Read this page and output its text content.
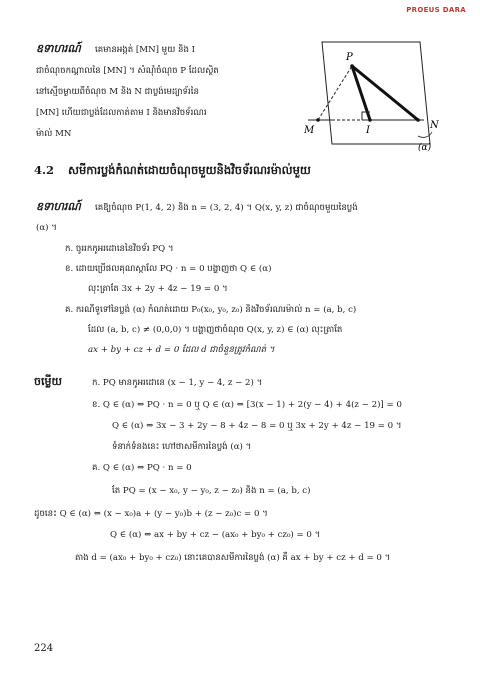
PROEUS DARA
ឧទាហរណ៍ គេមានអង្កត់ [MN] មួយ និង I
ជាចំណុចកណ្ដាលនៃ [MN] ។ សំណុំចំណុច P ដែលស្ថិត
នៅស្មើចម្ងាយពីចំណុច M និង N ជាប្លង់មេដ្យាទ័រនៃ
[MN] ហើយជាប្លង់ដែលកាត់តាម I និងមានវិចទ័រណរ
ម៉ាល់ MN
P
M	I	N
(α)
4.2 សមីការប្លង់កំណត់ដោយចំណុចមួយនិងវិចទ័រណរម៉ាល់មួយ
ឧទាហរណ៍ គេឱ្យចំណុច P(1, 4, 2) និង n = (3, 2, 4) ។ Q(x, y, z) ជាចំណុចមួយនៃប្លង់
(α) ។
ក. ចូររកកូអរដោនេនៃវិចទ័រ PQ ។
ខ. ដោយប្រើផលគុណស្កាលែ PQ · n = 0 បង្ហាញថា Q ∈ (α)
លុះត្រាតែ 3x + 2y + 4z − 19 = 0 ។
គ. ករណីទូទៅនៃប្លង់ (α) កំណត់ដោយ P₀(x₀, y₀, z₀) និងវិចទ័រណរម៉ាល់ n = (a, b, c)
ដែល (a, b, c) ≠ (0,0,0) ។ បង្ហាញថាចំណុច Q(x, y, z) ∈ (α) លុះត្រាតែ
ax + by + cz + d = 0 ដែល d ជាចំនួនត្រូវកំណត់ ។
ចម្លើយ	ក. PQ មានកូអរដោនេ (x − 1, y − 4, z − 2) ។
ខ. Q ∈ (α) ⇔ PQ · n = 0 ឬ Q ∈ (α) ⇔ [3(x − 1) + 2(y − 4) + 4(z − 2)] = 0
Q ∈ (α) ⇔ 3x − 3 + 2y − 8 + 4z − 8 = 0 ឬ 3x + 2y + 4z − 19 = 0 ។
ទំនាក់ទំនងនេះ ហៅថាសមីការនៃប្លង់ (α) ។
គ. Q ∈ (α) ⇔ PQ · n = 0
តែ PQ = (x − x₀, y − y₀, z − z₀) និង n = (a, b, c)
ដូចនេះ Q ∈ (α) ⇔ (x − x₀)a + (y − y₀)b + (z − z₀)c = 0 ។
Q ∈ (α) ⇔ ax + by + cz − (ax₀ + by₀ + cz₀) = 0 ។
តាង d = (ax₀ + by₀ + cz₀) នោះគេបានសមីការនៃប្លង់ (α) គឺ ax + by + cz + d = 0 ។
224
